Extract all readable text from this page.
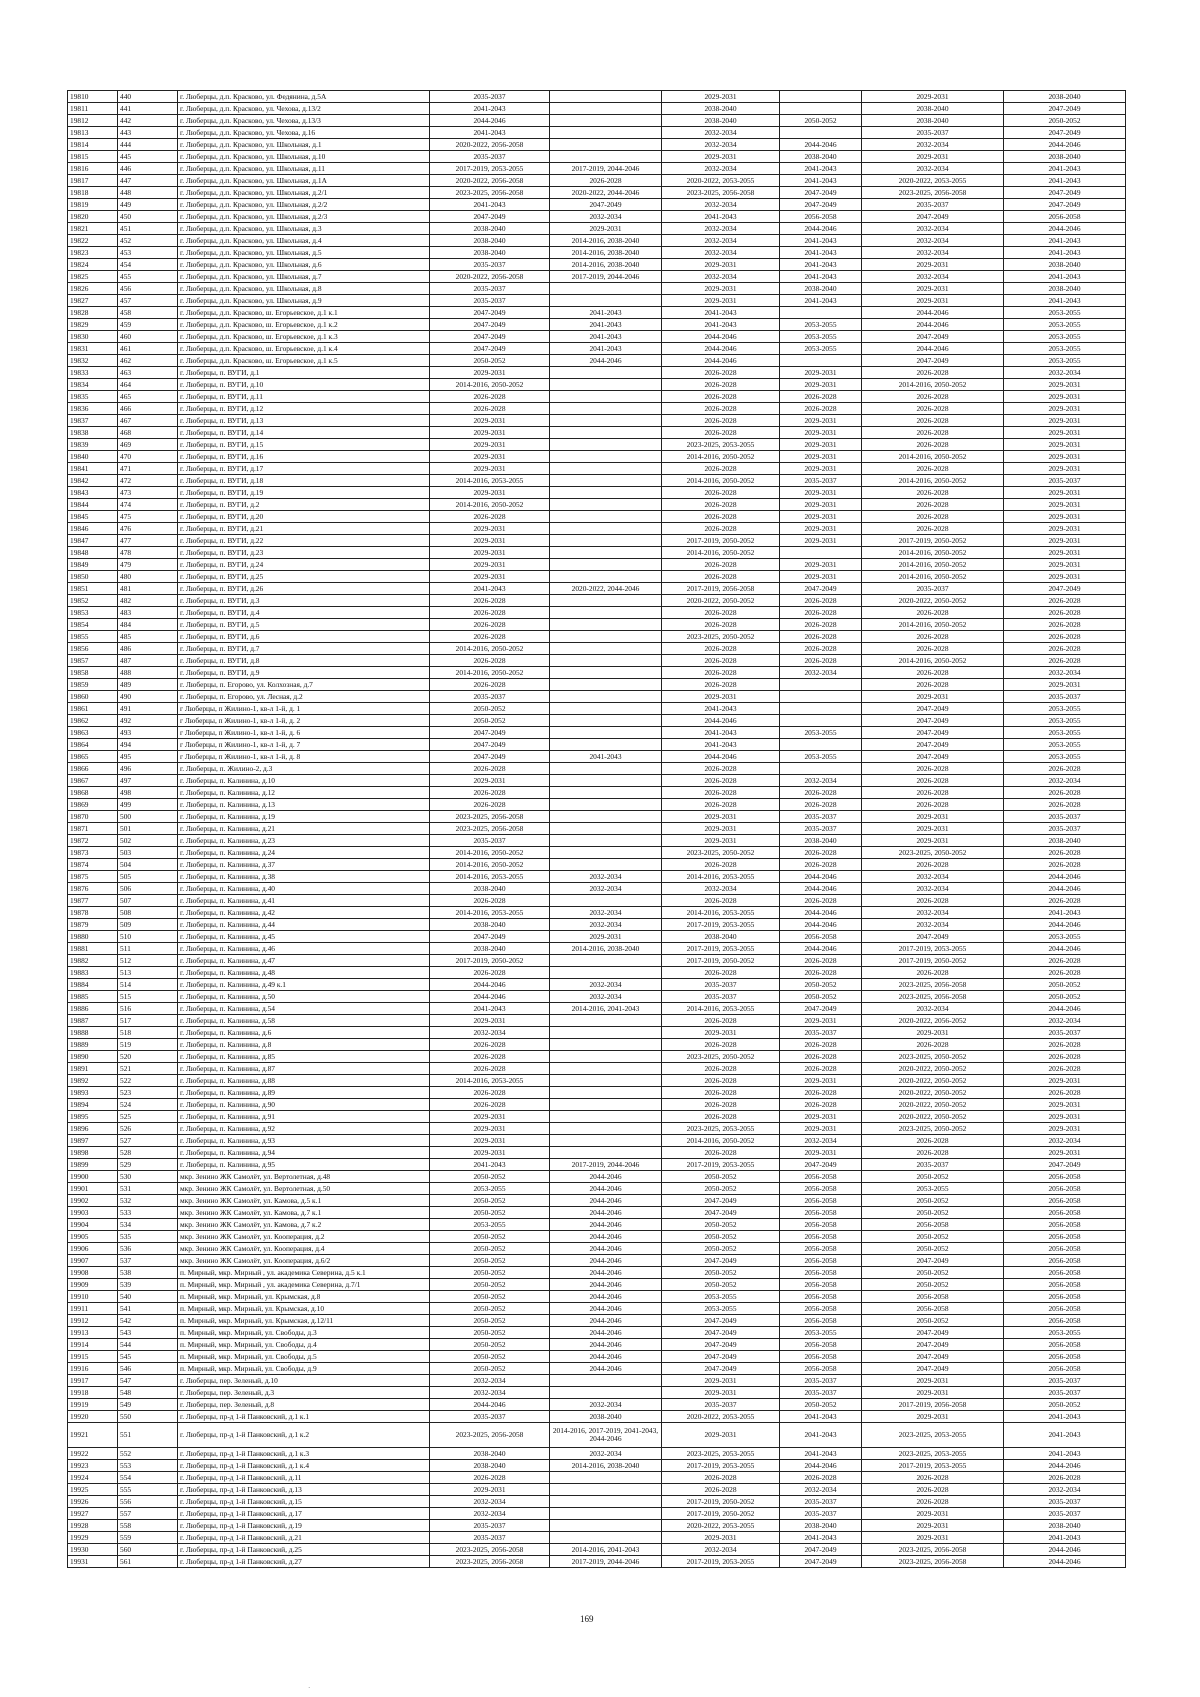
19810	440	г. Люберцы, д.п. Красково, ул. Федянина, д.5А	2035-2037		2029-2031		2029-2031	2038-2040
19811	441	г. Люберцы, д.п. Красково, ул. Чехова, д.13/2	2041-2043		2038-2040		2038-2040	2047-2049
19812	442	г. Люберцы, д.п. Красково, ул. Чехова, д.13/3	2044-2046		2038-2040	2050-2052	2038-2040	2050-2052
19813	443	г. Люберцы, д.п. Красково, ул. Чехова, д.16	2041-2043		2032-2034		2035-2037	2047-2049
19814	444	г. Люберцы, д.п. Красково, ул. Школьная, д.1	2020-2022, 2056-2058		2032-2034	2044-2046	2032-2034	2044-2046
19815	445	г. Люберцы, д.п. Красково, ул. Школьная, д.10	2035-2037		2029-2031	2038-2040	2029-2031	2038-2040
19816	446	г. Люберцы, д.п. Красково, ул. Школьная, д.11	2017-2019, 2053-2055	2017-2019, 2044-2046	2032-2034	2041-2043	2032-2034	2041-2043
19817	447	г. Люберцы, д.п. Красково, ул. Школьная, д.1А	2020-2022, 2056-2058	2026-2028	2020-2022, 2053-2055	2041-2043	2020-2022, 2053-2055	2041-2043
19818	448	г. Люберцы, д.п. Красково, ул. Школьная, д.2/1	2023-2025, 2056-2058	2020-2022, 2044-2046	2023-2025, 2056-2058	2047-2049	2023-2025, 2056-2058	2047-2049
19819	449	г. Люберцы, д.п. Красково, ул. Школьная, д.2/2	2041-2043	2047-2049	2032-2034	2047-2049	2035-2037	2047-2049
19820	450	г. Люберцы, д.п. Красково, ул. Школьная, д.2/3	2047-2049	2032-2034	2041-2043	2056-2058	2047-2049	2056-2058
19821	451	г. Люберцы, д.п. Красково, ул. Школьная, д.3	2038-2040	2029-2031	2032-2034	2044-2046	2032-2034	2044-2046
19822	452	г. Люберцы, д.п. Красково, ул. Школьная, д.4	2038-2040	2014-2016, 2038-2040	2032-2034	2041-2043	2032-2034	2041-2043
19823	453	г. Люберцы, д.п. Красково, ул. Школьная, д.5	2038-2040	2014-2016, 2038-2040	2032-2034	2041-2043	2032-2034	2041-2043
19824	454	г. Люберцы, д.п. Красково, ул. Школьная, д.6	2035-2037	2014-2016, 2038-2040	2029-2031	2041-2043	2029-2031	2038-2040
19825	455	г. Люберцы, д.п. Красково, ул. Школьная, д.7	2020-2022, 2056-2058	2017-2019, 2044-2046	2032-2034	2041-2043	2032-2034	2041-2043
19826	456	г. Люберцы, д.п. Красково, ул. Школьная, д.8	2035-2037		2029-2031	2038-2040	2029-2031	2038-2040
19827	457	г. Люберцы, д.п. Красково, ул. Школьная, д.9	2035-2037		2029-2031	2041-2043	2029-2031	2041-2043
19828	458	г. Люберцы, д.п. Красково, ш. Егорьевское, д.1 к.1	2047-2049	2041-2043	2041-2043		2044-2046	2053-2055
19829	459	г. Люберцы, д.п. Красково, ш. Егорьевское, д.1 к.2	2047-2049	2041-2043	2041-2043	2053-2055	2044-2046	2053-2055
19830	460	г. Люберцы, д.п. Красково, ш. Егорьевское, д.1 к.3	2047-2049	2041-2043	2044-2046	2053-2055	2047-2049	2053-2055
19831	461	г. Люберцы, д.п. Красково, ш. Егорьевское, д.1 к.4	2047-2049	2041-2043	2044-2046	2053-2055	2044-2046	2053-2055
19832	462	г. Люберцы, д.п. Красково, ш. Егорьевское, д.1 к.5	2050-2052	2044-2046	2044-2046		2047-2049	2053-2055
19833	463	г. Люберцы, п. ВУГИ, д.1	2029-2031		2026-2028	2029-2031	2026-2028	2032-2034
19834	464	г. Люберцы, п. ВУГИ, д.10	2014-2016, 2050-2052		2026-2028	2029-2031	2014-2016, 2050-2052	2029-2031
19835	465	г. Люберцы, п. ВУГИ, д.11	2026-2028		2026-2028	2026-2028	2026-2028	2029-2031
19836	466	г. Люберцы, п. ВУГИ, д.12	2026-2028		2026-2028	2026-2028	2026-2028	2029-2031
19837	467	г. Люберцы, п. ВУГИ, д.13	2029-2031		2026-2028	2029-2031	2026-2028	2029-2031
19838	468	г. Люберцы, п. ВУГИ, д.14	2029-2031		2026-2028	2029-2031	2026-2028	2029-2031
19839	469	г. Люберцы, п. ВУГИ, д.15	2029-2031		2023-2025, 2053-2055	2029-2031	2026-2028	2029-2031
19840	470	г. Люберцы, п. ВУГИ, д.16	2029-2031		2014-2016, 2050-2052	2029-2031	2014-2016, 2050-2052	2029-2031
19841	471	г. Люберцы, п. ВУГИ, д.17	2029-2031		2026-2028	2029-2031	2026-2028	2029-2031
19842	472	г. Люберцы, п. ВУГИ, д.18	2014-2016, 2053-2055		2014-2016, 2050-2052	2035-2037	2014-2016, 2050-2052	2035-2037
19843	473	г. Люберцы, п. ВУГИ, д.19	2029-2031		2026-2028	2029-2031	2026-2028	2029-2031
19844	474	г. Люберцы, п. ВУГИ, д.2	2014-2016, 2050-2052		2026-2028	2029-2031	2026-2028	2029-2031
19845	475	г. Люберцы, п. ВУГИ, д.20	2026-2028		2026-2028	2029-2031	2026-2028	2029-2031
19846	476	г. Люберцы, п. ВУГИ, д.21	2029-2031		2026-2028	2029-2031	2026-2028	2029-2031
19847	477	г. Люберцы, п. ВУГИ, д.22	2029-2031		2017-2019, 2050-2052	2029-2031	2017-2019, 2050-2052	2029-2031
19848	478	г. Люберцы, п. ВУГИ, д.23	2029-2031		2014-2016, 2050-2052		2014-2016, 2050-2052	2029-2031
19849	479	г. Люберцы, п. ВУГИ, д.24	2029-2031		2026-2028	2029-2031	2014-2016, 2050-2052	2029-2031
19850	480	г. Люберцы, п. ВУГИ, д.25	2029-2031		2026-2028	2029-2031	2014-2016, 2050-2052	2029-2031
19851	481	г. Люберцы, п. ВУГИ, д.26	2041-2043	2020-2022, 2044-2046	2017-2019, 2056-2058	2047-2049	2035-2037	2047-2049
19852	482	г. Люберцы, п. ВУГИ, д.3	2026-2028		2020-2022, 2050-2052	2026-2028	2020-2022, 2050-2052	2026-2028
19853	483	г. Люберцы, п. ВУГИ, д.4	2026-2028		2026-2028	2026-2028	2026-2028	2026-2028
19854	484	г. Люберцы, п. ВУГИ, д.5	2026-2028		2026-2028	2026-2028	2014-2016, 2050-2052	2026-2028
19855	485	г. Люберцы, п. ВУГИ, д.6	2026-2028		2023-2025, 2050-2052	2026-2028	2026-2028	2026-2028
19856	486	г. Люберцы, п. ВУГИ, д.7	2014-2016, 2050-2052		2026-2028	2026-2028	2026-2028	2026-2028
19857	487	г. Люберцы, п. ВУГИ, д.8	2026-2028		2026-2028	2026-2028	2014-2016, 2050-2052	2026-2028
19858	488	г. Люберцы, п. ВУГИ, д.9	2014-2016, 2050-2052		2026-2028	2032-2034	2026-2028	2032-2034
19859	489	г. Люберцы, п. Егорово, ул. Колхозная, д.7	2026-2028		2026-2028		2026-2028	2029-2031
19860	490	г. Люберцы, п. Егорово, ул. Лесная, д.2	2035-2037		2029-2031		2029-2031	2035-2037
19861	491	г Люберцы, п Жилино-1, кв-л 1-й, д. 1	2050-2052		2041-2043		2047-2049	2053-2055
19862	492	г Люберцы, п Жилино-1, кв-л 1-й, д. 2	2050-2052		2044-2046		2047-2049	2053-2055
19863	493	г Люберцы, п Жилино-1, кв-л 1-й, д. 6	2047-2049		2041-2043	2053-2055	2047-2049	2053-2055
19864	494	г Люберцы, п Жилино-1, кв-л 1-й, д. 7	2047-2049		2041-2043		2047-2049	2053-2055
19865	495	г Люберцы, п Жилино-1, кв-л 1-й, д. 8	2047-2049	2041-2043	2044-2046	2053-2055	2047-2049	2053-2055
19866	496	г. Люберцы, п. Жилино-2, д.3	2026-2028		2026-2028		2026-2028	2026-2028
19867	497	г. Люберцы, п. Калинина, д.10	2029-2031		2026-2028	2032-2034	2026-2028	2032-2034
19868	498	г. Люберцы, п. Калинина, д.12	2026-2028		2026-2028	2026-2028	2026-2028	2026-2028
19869	499	г. Люберцы, п. Калинина, д.13	2026-2028		2026-2028	2026-2028	2026-2028	2026-2028
19870	500	г. Люберцы, п. Калинина, д.19	2023-2025, 2056-2058		2029-2031	2035-2037	2029-2031	2035-2037
19871	501	г. Люберцы, п. Калинина, д.21	2023-2025, 2056-2058		2029-2031	2035-2037	2029-2031	2035-2037
19872	502	г. Люберцы, п. Калинина, д.23	2035-2037		2029-2031	2038-2040	2029-2031	2038-2040
19873	503	г. Люберцы, п. Калинина, д.24	2014-2016, 2050-2052		2023-2025, 2050-2052	2026-2028	2023-2025, 2050-2052	2026-2028
19874	504	г. Люберцы, п. Калинина, д.37	2014-2016, 2050-2052		2026-2028	2026-2028	2026-2028	2026-2028
19875	505	г. Люберцы, п. Калинина, д.38	2014-2016, 2053-2055	2032-2034	2014-2016, 2053-2055	2044-2046	2032-2034	2044-2046
19876	506	г. Люберцы, п. Калинина, д.40	2038-2040	2032-2034	2032-2034	2044-2046	2032-2034	2044-2046
19877	507	г. Люберцы, п. Калинина, д.41	2026-2028		2026-2028	2026-2028	2026-2028	2026-2028
19878	508	г. Люберцы, п. Калинина, д.42	2014-2016, 2053-2055	2032-2034	2014-2016, 2053-2055	2044-2046	2032-2034	2041-2043
19879	509	г. Люберцы, п. Калинина, д.44	2038-2040	2032-2034	2017-2019, 2053-2055	2044-2046	2032-2034	2044-2046
19880	510	г. Люберцы, п. Калинина, д.45	2047-2049	2029-2031	2038-2040	2056-2058	2047-2049	2053-2055
19881	511	г. Люберцы, п. Калинина, д.46	2038-2040	2014-2016, 2038-2040	2017-2019, 2053-2055	2044-2046	2017-2019, 2053-2055	2044-2046
19882	512	г. Люберцы, п. Калинина, д.47	2017-2019, 2050-2052		2017-2019, 2050-2052	2026-2028	2017-2019, 2050-2052	2026-2028
19883	513	г. Люберцы, п. Калинина, д.48	2026-2028		2026-2028	2026-2028	2026-2028	2026-2028
19884	514	г. Люберцы, п. Калинина, д.49 к.1	2044-2046	2032-2034	2035-2037	2050-2052	2023-2025, 2056-2058	2050-2052
19885	515	г. Люберцы, п. Калинина, д.50	2044-2046	2032-2034	2035-2037	2050-2052	2023-2025, 2056-2058	2050-2052
19886	516	г. Люберцы, п. Калинина, д.54	2041-2043	2014-2016, 2041-2043	2014-2016, 2053-2055	2047-2049	2032-2034	2044-2046
19887	517	г. Люберцы, п. Калинина, д.58	2029-2031		2026-2028	2029-2031	2020-2022, 2056-2052	2032-2034
19888	518	г. Люберцы, п. Калинина, д.6	2032-2034		2029-2031	2035-2037	2029-2031	2035-2037
19889	519	г. Люберцы, п. Калинина, д.8	2026-2028		2026-2028	2026-2028	2026-2028	2026-2028
19890	520	г. Люберцы, п. Калинина, д.85	2026-2028		2023-2025, 2050-2052	2026-2028	2023-2025, 2050-2052	2026-2028
19891	521	г. Люберцы, п. Калинина, д.87	2026-2028		2026-2028	2026-2028	2020-2022, 2050-2052	2026-2028
19892	522	г. Люберцы, п. Калинина, д.88	2014-2016, 2053-2055		2026-2028	2029-2031	2020-2022, 2050-2052	2029-2031
19893	523	г. Люберцы, п. Калинина, д.89	2026-2028		2026-2028	2026-2028	2020-2022, 2050-2052	2026-2028
19894	524	г. Люберцы, п. Калинина, д.90	2026-2028		2026-2028	2026-2028	2020-2022, 2050-2052	2029-2031
19895	525	г. Люберцы, п. Калинина, д.91	2029-2031		2026-2028	2029-2031	2020-2022, 2050-2052	2029-2031
19896	526	г. Люберцы, п. Калинина, д.92	2029-2031		2023-2025, 2053-2055	2029-2031	2023-2025, 2050-2052	2029-2031
19897	527	г. Люберцы, п. Калинина, д.93	2029-2031		2014-2016, 2050-2052	2032-2034	2026-2028	2032-2034
19898	528	г. Люберцы, п. Калинина, д.94	2029-2031		2026-2028	2029-2031	2026-2028	2029-2031
19899	529	г. Люберцы, п. Калинина, д.95	2041-2043	2017-2019, 2044-2046	2017-2019, 2053-2055	2047-2049	2035-2037	2047-2049
19900	530	мкр. Зенино ЖК Самолёт, ул. Вертолетная, д.48	2050-2052	2044-2046	2050-2052	2056-2058	2050-2052	2056-2058
19901	531	мкр. Зенино ЖК Самолёт, ул. Вертолетная, д.50	2053-2055	2044-2046	2050-2052	2056-2058	2053-2055	2056-2058
19902	532	мкр. Зенино ЖК Самолёт, ул. Камова, д.5 к.1	2050-2052	2044-2046	2047-2049	2056-2058	2050-2052	2056-2058
19903	533	мкр. Зенино ЖК Самолёт, ул. Камова, д.7 к.1	2050-2052	2044-2046	2047-2049	2056-2058	2050-2052	2056-2058
19904	534	мкр. Зенино ЖК Самолёт, ул. Камова, д.7 к.2	2053-2055	2044-2046	2050-2052	2056-2058	2056-2058	2056-2058
19905	535	мкр. Зенино ЖК Самолёт, ул. Кооперация, д.2	2050-2052	2044-2046	2050-2052	2056-2058	2050-2052	2056-2058
19906	536	мкр. Зенино ЖК Самолёт, ул. Кооперация, д.4	2050-2052	2044-2046	2050-2052	2056-2058	2050-2052	2056-2058
19907	537	мкр. Зенино ЖК Самолёт, ул. Кооперация, д.6/2	2050-2052	2044-2046	2047-2049	2056-2058	2047-2049	2056-2058
19908	538	п. Мирный, мкр. Мирный , ул. академика Северина, д.5 к.1	2050-2052	2044-2046	2050-2052	2056-2058	2050-2052	2056-2058
19909	539	п. Мирный, мкр. Мирный , ул. академика Северина, д.7/1	2050-2052	2044-2046	2050-2052	2056-2058	2050-2052	2056-2058
19910	540	п. Мирный, мкр. Мирный, ул. Крымская, д.8	2050-2052	2044-2046	2053-2055	2056-2058	2056-2058	2056-2058
19911	541	п. Мирный, мкр. Мирный, ул. Крымская, д.10	2050-2052	2044-2046	2053-2055	2056-2058	2056-2058	2056-2058
19912	542	п. Мирный, мкр. Мирный, ул. Крымская, д.12/11	2050-2052	2044-2046	2047-2049	2056-2058	2050-2052	2056-2058
19913	543	п. Мирный, мкр. Мирный, ул. Свободы, д.3	2050-2052	2044-2046	2047-2049	2053-2055	2047-2049	2053-2055
19914	544	п. Мирный, мкр. Мирный, ул. Свободы, д.4	2050-2052	2044-2046	2047-2049	2056-2058	2047-2049	2056-2058
19915	545	п. Мирный, мкр. Мирный, ул. Свободы, д.5	2050-2052	2044-2046	2047-2049	2056-2058	2047-2049	2056-2058
19916	546	п. Мирный, мкр. Мирный, ул. Свободы, д.9	2050-2052	2044-2046	2047-2049	2056-2058	2047-2049	2056-2058
19917	547	г. Люберцы, пер. Зеленый, д.10	2032-2034		2029-2031	2035-2037	2029-2031	2035-2037
19918	548	г. Люберцы, пер. Зеленый, д.3	2032-2034		2029-2031	2035-2037	2029-2031	2035-2037
19919	549	г. Люберцы, пер. Зеленый, д.8	2044-2046	2032-2034	2035-2037	2050-2052	2017-2019, 2056-2058	2050-2052
19920	550	г. Люберцы, пр-д 1-й Панковский, д.1 к.1	2035-2037	2038-2040	2020-2022, 2053-2055	2041-2043	2029-2031	2041-2043
19921	551	г. Люберцы, пр-д 1-й Панковский, д.1 к.2	2023-2025, 2056-2058	2014-2016, 2017-2019, 2041-2043, 2044-2046	2029-2031	2041-2043	2023-2025, 2053-2055	2041-2043
19922	552	г. Люберцы, пр-д 1-й Панковский, д.1 к.3	2038-2040	2032-2034	2023-2025, 2053-2055	2041-2043	2023-2025, 2053-2055	2041-2043
19923	553	г. Люберцы, пр-д 1-й Панковский, д.1 к.4	2038-2040	2014-2016, 2038-2040	2017-2019, 2053-2055	2044-2046	2017-2019, 2053-2055	2044-2046
19924	554	г. Люберцы, пр-д 1-й Панковский, д.11	2026-2028		2026-2028	2026-2028	2026-2028	2026-2028
19925	555	г. Люберцы, пр-д 1-й Панковский, д.13	2029-2031		2026-2028	2032-2034	2026-2028	2032-2034
19926	556	г. Люберцы, пр-д 1-й Панковский, д.15	2032-2034		2017-2019, 2050-2052	2035-2037	2026-2028	2035-2037
19927	557	г. Люберцы, пр-д 1-й Панковский, д.17	2032-2034		2017-2019, 2050-2052	2035-2037	2029-2031	2035-2037
19928	558	г. Люберцы, пр-д 1-й Панковский, д.19	2035-2037		2020-2022, 2053-2055	2038-2040	2029-2031	2038-2040
19929	559	г. Люберцы, пр-д 1-й Панковский, д.21	2035-2037		2029-2031	2041-2043	2029-2031	2041-2043
19930	560	г. Люберцы, пр-д 1-й Панковский, д.25	2023-2025, 2056-2058	2014-2016, 2041-2043	2032-2034	2047-2049	2023-2025, 2056-2058	2044-2046
19931	561	г. Люберцы, пр-д 1-й Панковский, д.27	2023-2025, 2056-2058	2017-2019, 2044-2046	2017-2019, 2053-2055	2047-2049	2023-2025, 2056-2058	2044-2046
169
·
